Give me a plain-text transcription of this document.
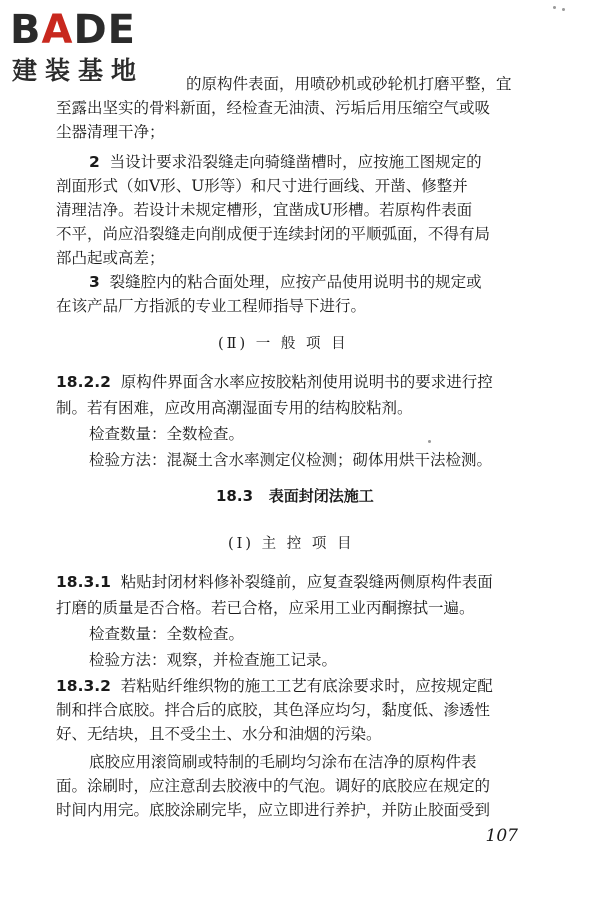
BADE
建装基地	的原构件表面，用喷砂机或砂轮机打磨平整，宜
至露出坚实的骨料新面，经检查无油渍、污垢后用压缩空气或吸
尘器清理干净；
2 当设计要求沿裂缝走向骑缝凿槽时，应按施工图规定的
剖面形式（如V形、U形等）和尺寸进行画线、开凿、修整并
清理洁净。若设计未规定槽形，宜凿成U形槽。若原构件表面
不平，尚应沿裂缝走向削成便于连续封闭的平顺弧面，不得有局
部凸起或高差；
3 裂缝腔内的粘合面处理，应按产品使用说明书的规定或
在该产品厂方指派的专业工程师指导下进行。
(Ⅱ) 一 般 项 目
18.2.2 原构件界面含水率应按胶粘剂使用说明书的要求进行控
制。若有困难，应改用高潮湿面专用的结构胶粘剂。
检查数量：全数检查。
检验方法：混凝土含水率测定仪检测；砌体用烘干法检测。
18.3 表面封闭法施工
(Ⅰ) 主 控 项 目
18.3.1 粘贴封闭材料修补裂缝前，应复查裂缝两侧原构件表面
打磨的质量是否合格。若已合格，应采用工业丙酮擦拭一遍。
检查数量：全数检查。
检验方法：观察，并检查施工记录。
18.3.2 若粘贴纤维织物的施工工艺有底涂要求时，应按规定配
制和拌合底胶。拌合后的底胶，其色泽应均匀，黏度低、渗透性
好、无结块，且不受尘土、水分和油烟的污染。
底胶应用滚筒刷或特制的毛刷均匀涂布在洁净的原构件表
面。涂刷时，应注意刮去胶液中的气泡。调好的底胶应在规定的
时间内用完。底胶涂刷完毕，应立即进行养护，并防止胶面受到
107
